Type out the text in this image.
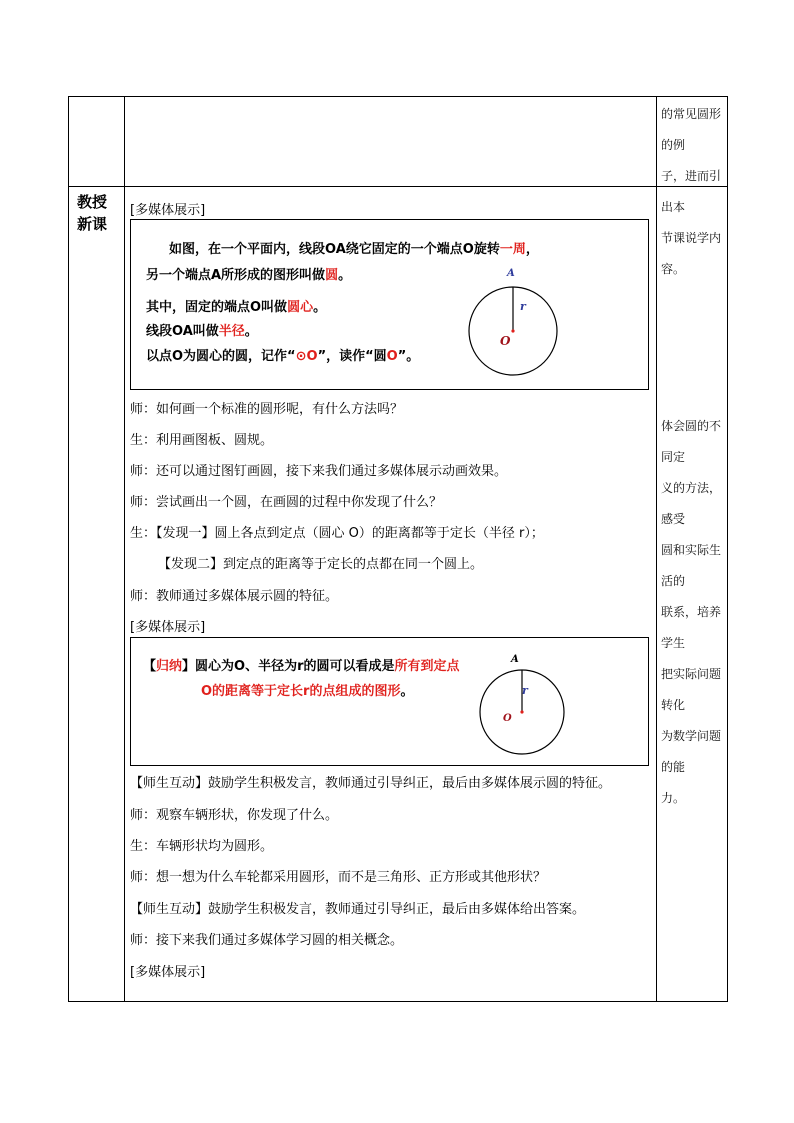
的常见圆形的例
子，进而引出本
节课说学内容。
教授
新课
体会圆的不同定
义的方法，感受
圆和实际生活的
联系，培养学生
把实际问题转化
为数学问题的能
力。
[多媒体展示]
如图，在一个平面内，线段OA绕它固定的一个端点O旋转一周，
另一个端点A所形成的图形叫做圆。
其中，固定的端点O叫做圆心。
线段OA叫做半径。
以点O为圆心的圆，记作“⊙O”，读作“圆O”。
A
r
O
师：如何画一个标准的圆形呢，有什么方法吗？
生：利用画图板、圆规。
师：还可以通过图钉画圆，接下来我们通过多媒体展示动画效果。
师：尝试画出一个圆，在画圆的过程中你发现了什么？
生：【发现一】圆上各点到定点（圆心 O）的距离都等于定长（半径 r）；
【发现二】到定点的距离等于定长的点都在同一个圆上。
师：教师通过多媒体展示圆的特征。
[多媒体展示]
【归纳】圆心为O、半径为r的圆可以看成是所有到定点
O的距离等于定长r的点组成的图形。
A
r
O
【师生互动】鼓励学生积极发言，教师通过引导纠正，最后由多媒体展示圆的特征。
师：观察车辆形状，你发现了什么。
生：车辆形状均为圆形。
师：想一想为什么车轮都采用圆形，而不是三角形、正方形或其他形状？
【师生互动】鼓励学生积极发言，教师通过引导纠正，最后由多媒体给出答案。
师：接下来我们通过多媒体学习圆的相关概念。
[多媒体展示]
